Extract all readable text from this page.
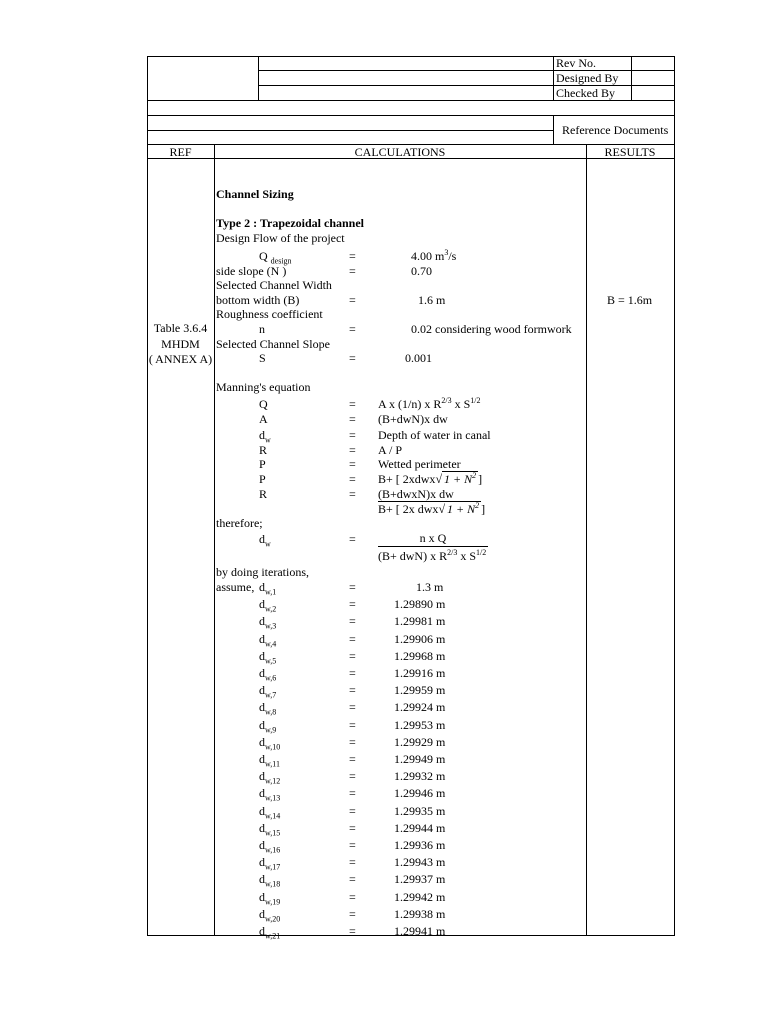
Rev No.
Designed By
Checked By
Reference Documents
REF	CALCULATIONS	RESULTS
Table 3.6.4
MHDM
( ANNEX A)
B = 1.6m
Channel Sizing
Type 2 : Trapezoidal channel
Design Flow of the project
Q $_{design}$	=	4.00 $m^3/s$
side slope (N )	=	0.70
Selected Channel Width
bottom width (B)	=	1.6 m
Roughness coefficient
n	=	0.02 considering wood formwork
Selected Channel Slope
S	=	0.001
Manning's equation
Q	= A x (1/n) x $R^{2/3}$ x $S^{1/2}$
A	= (B+dwN)x dw
$d_w$	= Depth of water in canal
R	= A / P
P	= Wetted perimeter
P	= B+ [ 2xdwx√ $1 + N^2$ ]
R	= (B+dwxN)x dw
B+ [ 2x dwx√ $1 + N^2$ ]
therefore;
$d_w$	=	n x Q
(B+ dwN) x $R^{2/3}$ x $S^{1/2}$
by doing iterations,
assume, $d_{w,1}$	=	1.3 m
$d_{w,2}$	=	1.29890 m
$d_{w,3}$	=	1.29981 m
$d_{w,4}$	=	1.29906 m
$d_{w,5}$	=	1.29968 m
$d_{w,6}$	=	1.29916 m
$d_{w,7}$	=	1.29959 m
$d_{w,8}$	=	1.29924 m
$d_{w,9}$	=	1.29953 m
$d_{w,10}$	=	1.29929 m
$d_{w,11}$	=	1.29949 m
$d_{w,12}$	=	1.29932 m
$d_{w,13}$	=	1.29946 m
$d_{w,14}$	=	1.29935 m
$d_{w,15}$	=	1.29944 m
$d_{w,16}$	=	1.29936 m
$d_{w,17}$	=	1.29943 m
$d_{w,18}$	=	1.29937 m
$d_{w,19}$	=	1.29942 m
$d_{w,20}$	=	1.29938 m
$d_{w,21}$	=	1.29941 m
